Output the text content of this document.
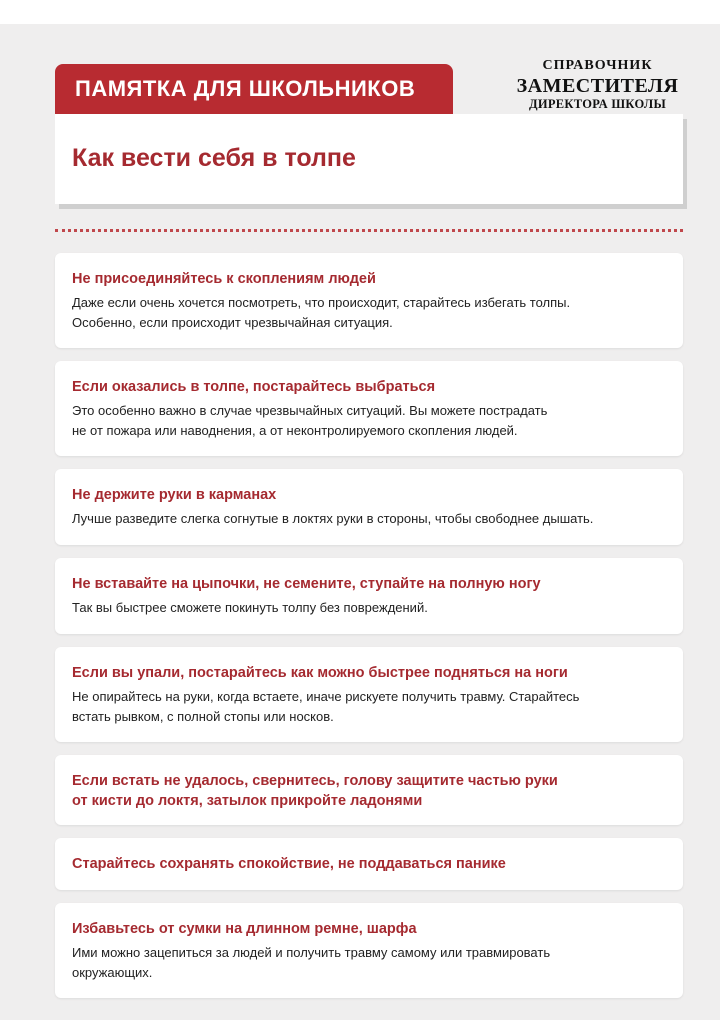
ПАМЯТКА ДЛЯ ШКОЛЬНИКОВ
СПРАВОЧНИК
ЗАМЕСТИТЕЛЯ
ДИРЕКТОРА ШКОЛЫ
Как вести себя в толпе

Не присоединяйтесь к скоплениям людей

Даже если очень хочется посмотреть, что происходит, старайтесь избегать толпы.
Особенно, если происходит чрезвычайная ситуация.

Если оказались в толпе, постарайтесь выбраться

Это особенно важно в случае чрезвычайных ситуаций. Вы можете пострадать
не от пожара или наводнения, а от неконтролируемого скопления людей.

Не держите руки в карманах

Лучше разведите слегка согнутые в локтях руки в стороны, чтобы свободнее дышать.

Не вставайте на цыпочки, не семените, ступайте на полную ногу

Так вы быстрее сможете покинуть толпу без повреждений.

Если вы упали, постарайтесь как можно быстрее подняться на ноги

Не опирайтесь на руки, когда встаете, иначе рискуете получить травму. Старайтесь
встать рывком, с полной стопы или носков.

Если встать не удалось, свернитесь, голову защитите частью руки
от кисти до локтя, затылок прикройте ладонями

Старайтесь сохранять спокойствие, не поддаваться панике

Избавьтесь от сумки на длинном ремне, шарфа

Ими можно зацепиться за людей и получить травму самому или травмировать
окружающих.
